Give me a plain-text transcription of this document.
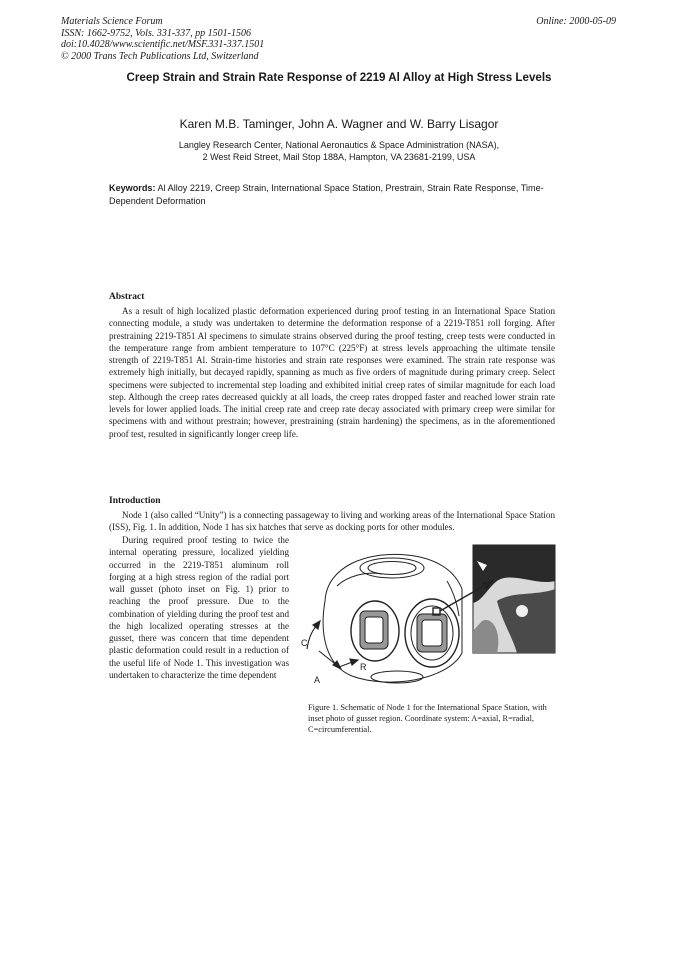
Materials Science Forum
ISSN: 1662-9752, Vols. 331-337, pp 1501-1506
doi:10.4028/www.scientific.net/MSF.331-337.1501
© 2000 Trans Tech Publications Ltd, Switzerland
Online: 2000-05-09
Creep Strain and Strain Rate Response of 2219 Al Alloy at High Stress Levels
Karen M.B. Taminger, John A. Wagner and W. Barry Lisagor
Langley Research Center, National Aeronautics & Space Administration (NASA),
2 West Reid Street, Mail Stop 188A, Hampton, VA 23681-2199, USA
Keywords: Al Alloy 2219, Creep Strain, International Space Station, Prestrain, Strain Rate Response, Time-Dependent Deformation
Abstract

As a result of high localized plastic deformation experienced during proof testing in an International Space Station connecting module, a study was undertaken to determine the deformation response of a 2219-T851 roll forging. After prestraining 2219-T851 Al specimens to simulate strains observed during the proof testing, creep tests were conducted in the temperature range from ambient temperature to 107°C (225°F) at stress levels approaching the ultimate tensile strength of 2219-T851 Al. Strain-time histories and strain rate responses were examined. The strain rate response was extremely high initially, but decayed rapidly, spanning as much as five orders of magnitude during primary creep. Select specimens were subjected to incremental step loading and exhibited initial creep rates of similar magnitude for each load step. Although the creep rates decreased quickly at all loads, the creep rates dropped faster and reached lower strain rate levels for lower applied loads. The initial creep rate and creep rate decay associated with primary creep were similar for specimens with and without prestrain; however, prestraining (strain hardening) the specimens, as in the aforementioned proof test, resulted in significantly longer creep life.

Introduction

Node 1 (also called “Unity”) is a connecting passageway to living and working areas of the International Space Station (ISS), Fig. 1. In addition, Node 1 has six hatches that serve as docking ports for other modules.

During required proof testing to twice the internal operating pressure, localized yielding occurred in the 2219-T851 aluminum roll forging at a high stress region of the radial port wall gusset (photo inset on Fig. 1) prior to reaching the proof pressure. Due to the combination of yielding during the proof test and the high localized operating stresses at the gusset, there was concern that time dependent plastic deformation could result in a reduction of the useful life of Node 1. This investigation was undertaken to characterize the time dependent

A
R
C
Figure 1. Schematic of Node 1 for the International Space Station, with inset photo of gusset region. Coordinate system: A=axial, R=radial, C=circumferential.
